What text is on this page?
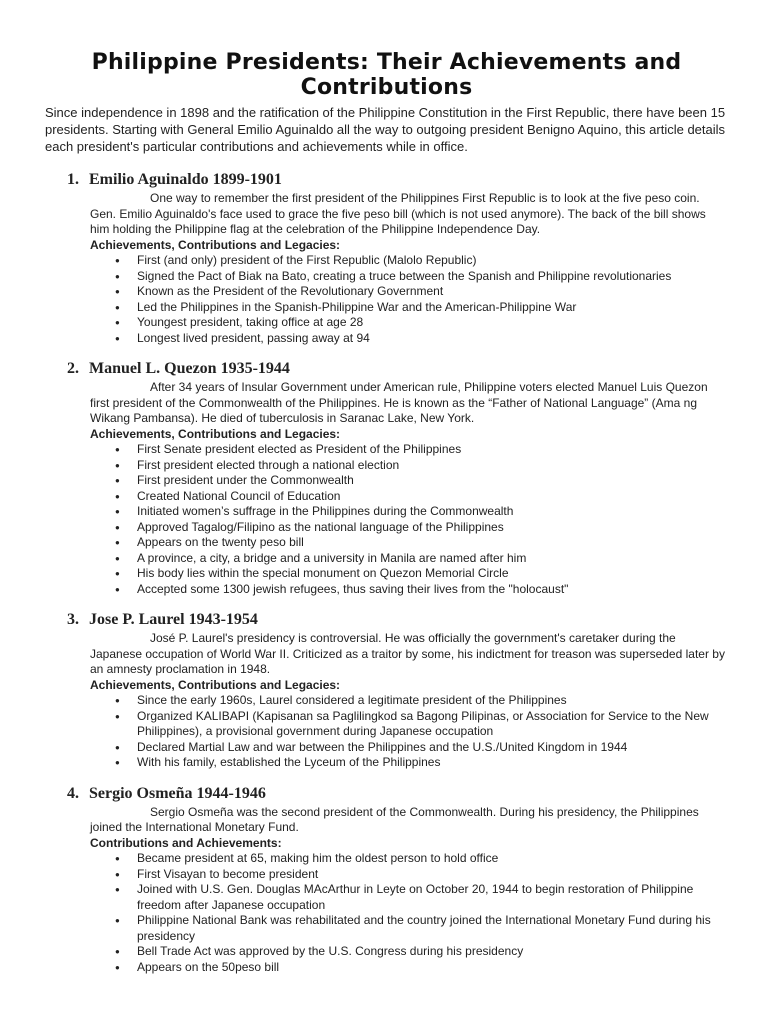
Philippine Presidents: Their Achievements and Contributions

Since independence in 1898 and the ratification of the Philippine Constitution in the First Republic, there have been 15 presidents. Starting with General Emilio Aguinaldo all the way to outgoing president Benigno Aquino, this article details each president's particular contributions and achievements while in office.

1. Emilio Aguinaldo 1899-1901

One way to remember the first president of the Philippines First Republic is to look at the five peso coin. Gen. Emilio Aguinaldo's face used to grace the five peso bill (which is not used anymore). The back of the bill shows him holding the Philippine flag at the celebration of the Philippine Independence Day.

Achievements, Contributions and Legacies:

● First (and only) president of the First Republic (Malolo Republic)
● Signed the Pact of Biak na Bato, creating a truce between the Spanish and Philippine revolutionaries
● Known as the President of the Revolutionary Government
● Led the Philippines in the Spanish-Philippine War and the American-Philippine War
● Youngest president, taking office at age 28
● Longest lived president, passing away at 94
2. Manuel L. Quezon 1935-1944

After 34 years of Insular Government under American rule, Philippine voters elected Manuel Luis Quezon first president of the Commonwealth of the Philippines. He is known as the “Father of National Language” (Ama ng Wikang Pambansa). He died of tuberculosis in Saranac Lake, New York.

Achievements, Contributions and Legacies:

● First Senate president elected as President of the Philippines
● First president elected through a national election
● First president under the Commonwealth
● Created National Council of Education
● Initiated women’s suffrage in the Philippines during the Commonwealth
● Approved Tagalog/Filipino as the national language of the Philippines
● Appears on the twenty peso bill
● A province, a city, a bridge and a university in Manila are named after him
● His body lies within the special monument on Quezon Memorial Circle
● Accepted some 1300 jewish refugees, thus saving their lives from the "holocaust"
3. Jose P. Laurel 1943-1954

José P. Laurel's presidency is controversial. He was officially the government's caretaker during the Japanese occupation of World War II. Criticized as a traitor by some, his indictment for treason was superseded later by an amnesty proclamation in 1948.

Achievements, Contributions and Legacies:

● Since the early 1960s, Laurel considered a legitimate president of the Philippines
● Organized KALIBAPI (Kapisanan sa Paglilingkod sa Bagong Pilipinas, or Association for Service to the New Philippines), a provisional government during Japanese occupation
● Declared Martial Law and war between the Philippines and the U.S./United Kingdom in 1944
● With his family, established the Lyceum of the Philippines
4. Sergio Osmeña 1944-1946

Sergio Osmeña was the second president of the Commonwealth. During his presidency, the Philippines joined the International Monetary Fund.

Contributions and Achievements:

● Became president at 65, making him the oldest person to hold office
● First Visayan to become president
● Joined with U.S. Gen. Douglas MAcArthur in Leyte on October 20, 1944 to begin restoration of Philippine freedom after Japanese occupation
● Philippine National Bank was rehabilitated and the country joined the International Monetary Fund during his presidency
● Bell Trade Act was approved by the U.S. Congress during his presidency
● Appears on the 50peso bill
